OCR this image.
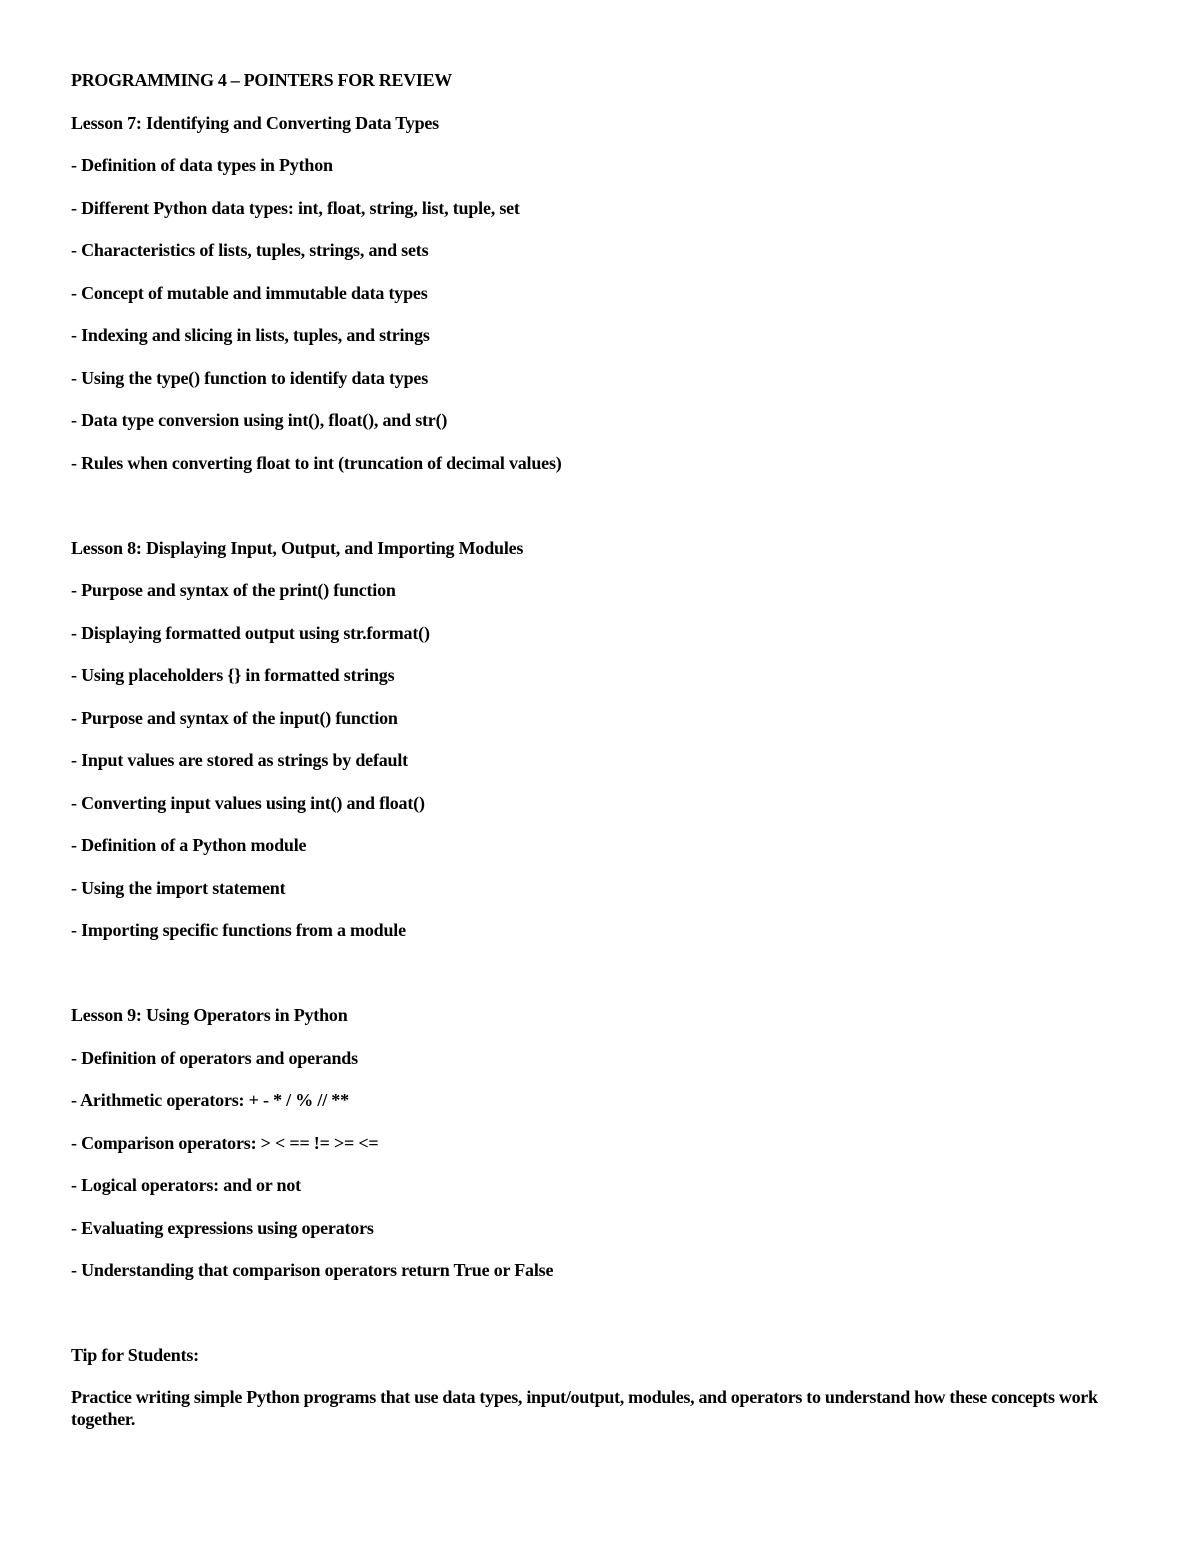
PROGRAMMING 4 – POINTERS FOR REVIEW
Lesson 7: Identifying and Converting Data Types
- Definition of data types in Python
- Different Python data types: int, float, string, list, tuple, set
- Characteristics of lists, tuples, strings, and sets
- Concept of mutable and immutable data types
- Indexing and slicing in lists, tuples, and strings
- Using the type() function to identify data types
- Data type conversion using int(), float(), and str()
- Rules when converting float to int (truncation of decimal values)
Lesson 8: Displaying Input, Output, and Importing Modules
- Purpose and syntax of the print() function
- Displaying formatted output using str.format()
- Using placeholders {} in formatted strings
- Purpose and syntax of the input() function
- Input values are stored as strings by default
- Converting input values using int() and float()
- Definition of a Python module
- Using the import statement
- Importing specific functions from a module
Lesson 9: Using Operators in Python
- Definition of operators and operands
- Arithmetic operators: + - * / % // **
- Comparison operators: > < == != >= <=
- Logical operators: and or not
- Evaluating expressions using operators
- Understanding that comparison operators return True or False
Tip for Students:
Practice writing simple Python programs that use data types, input/output, modules, and operators to understand how these concepts work together.
